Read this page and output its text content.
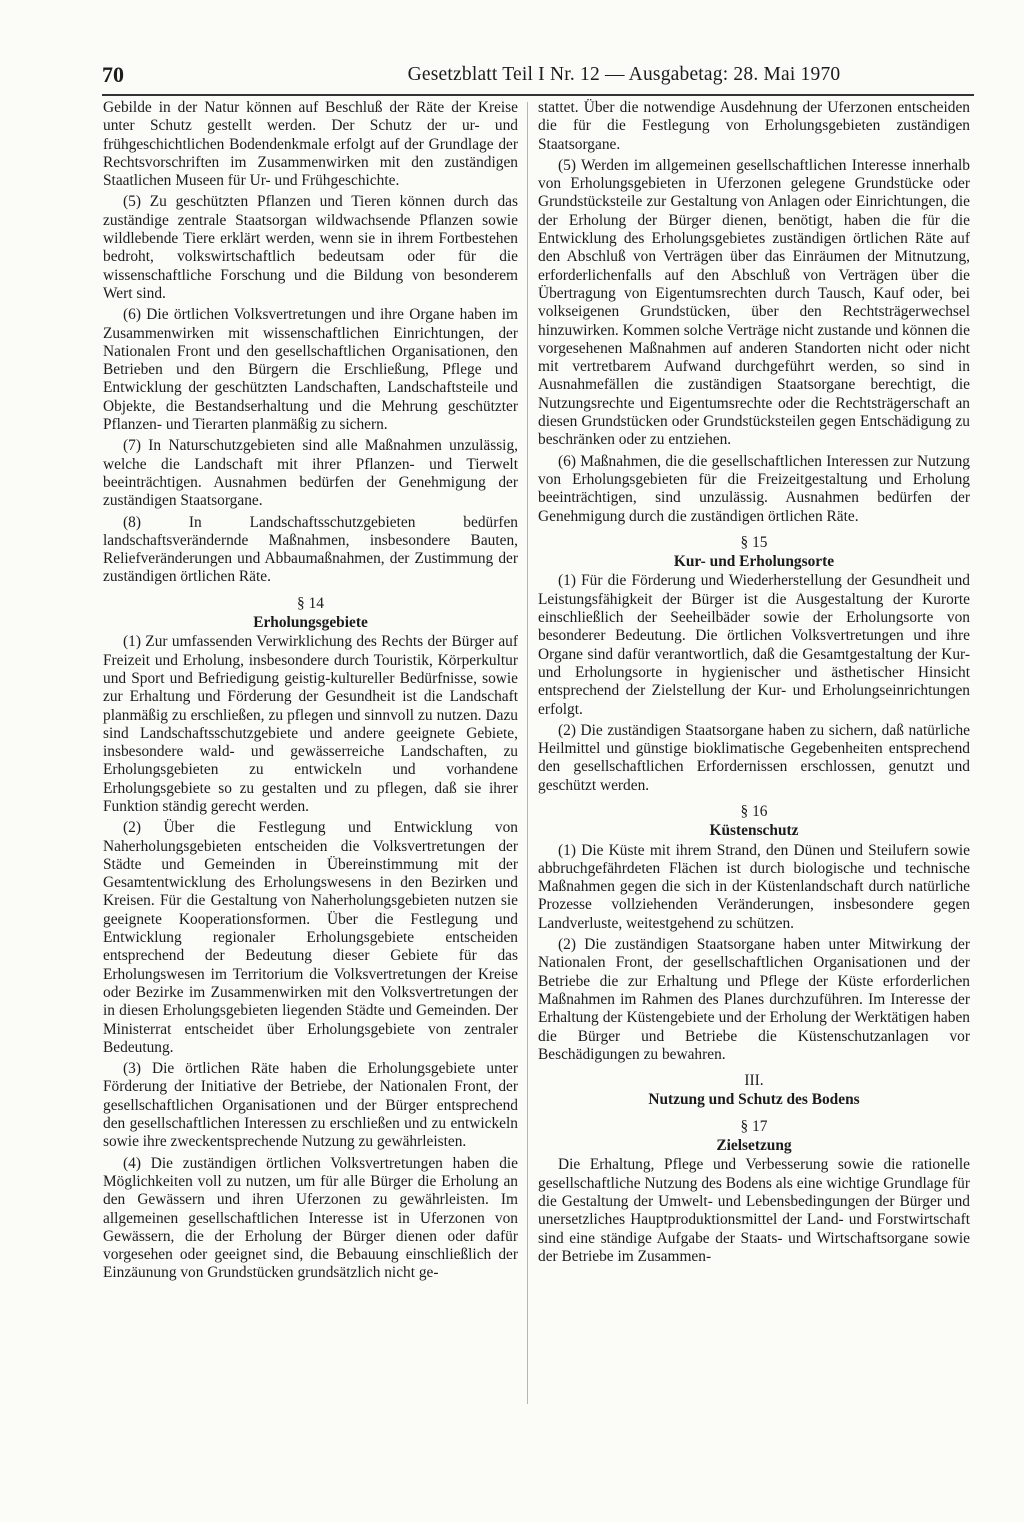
70	Gesetzblatt Teil I Nr. 12 — Ausgabetag: 28. Mai 1970

Gebilde in der Natur können auf Beschluß der Räte der Kreise unter Schutz gestellt werden. Der Schutz der ur- und frühgeschichtlichen Bodendenkmale erfolgt auf der Grundlage der Rechtsvorschriften im Zusammenwirken mit den zuständigen Staatlichen Museen für Ur- und Frühgeschichte.

(5) Zu geschützten Pflanzen und Tieren können durch das zuständige zentrale Staatsorgan wildwachsende Pflanzen sowie wildlebende Tiere erklärt werden, wenn sie in ihrem Fortbestehen bedroht, volkswirtschaftlich bedeutsam oder für die wissenschaftliche Forschung und die Bildung von besonderem Wert sind.

(6) Die örtlichen Volksvertretungen und ihre Organe haben im Zusammenwirken mit wissenschaftlichen Einrichtungen, der Nationalen Front und den gesellschaftlichen Organisationen, den Betrieben und den Bürgern die Erschließung, Pflege und Entwicklung der geschützten Landschaften, Landschaftsteile und Objekte, die Bestandserhaltung und die Mehrung geschützter Pflanzen- und Tierarten planmäßig zu sichern.

(7) In Naturschutzgebieten sind alle Maßnahmen unzulässig, welche die Landschaft mit ihrer Pflanzen- und Tierwelt beeinträchtigen. Ausnahmen bedürfen der Genehmigung der zuständigen Staatsorgane.

(8) In Landschaftsschutzgebieten bedürfen landschaftsverändernde Maßnahmen, insbesondere Bauten, Reliefveränderungen und Abbaumaßnahmen, der Zustimmung der zuständigen örtlichen Räte.

§ 14
Erholungsgebiete

(1) Zur umfassenden Verwirklichung des Rechts der Bürger auf Freizeit und Erholung, insbesondere durch Touristik, Körperkultur und Sport und Befriedigung geistig-kultureller Bedürfnisse, sowie zur Erhaltung und Förderung der Gesundheit ist die Landschaft planmäßig zu erschließen, zu pflegen und sinnvoll zu nutzen. Dazu sind Landschaftsschutzgebiete und andere geeignete Gebiete, insbesondere wald- und gewässerreiche Landschaften, zu Erholungsgebieten zu entwickeln und vorhandene Erholungsgebiete so zu gestalten und zu pflegen, daß sie ihrer Funktion ständig gerecht werden.

(2) Über die Festlegung und Entwicklung von Naherholungsgebieten entscheiden die Volksvertretungen der Städte und Gemeinden in Übereinstimmung mit der Gesamtentwicklung des Erholungswesens in den Bezirken und Kreisen. Für die Gestaltung von Naherholungsgebieten nutzen sie geeignete Kooperationsformen. Über die Festlegung und Entwicklung regionaler Erholungsgebiete entscheiden entsprechend der Bedeutung dieser Gebiete für das Erholungswesen im Territorium die Volksvertretungen der Kreise oder Bezirke im Zusammenwirken mit den Volksvertretungen der in diesen Erholungsgebieten liegenden Städte und Gemeinden. Der Ministerrat entscheidet über Erholungsgebiete von zentraler Bedeutung.

(3) Die örtlichen Räte haben die Erholungsgebiete unter Förderung der Initiative der Betriebe, der Nationalen Front, der gesellschaftlichen Organisationen und der Bürger entsprechend den gesellschaftlichen Interessen zu erschließen und zu entwickeln sowie ihre zweckentsprechende Nutzung zu gewährleisten.

(4) Die zuständigen örtlichen Volksvertretungen haben die Möglichkeiten voll zu nutzen, um für alle Bürger die Erholung an den Gewässern und ihren Uferzonen zu gewährleisten. Im allgemeinen gesellschaftlichen Interesse ist in Uferzonen von Gewässern, die der Erholung der Bürger dienen oder dafür vorgesehen oder geeignet sind, die Bebauung einschließlich der Einzäunung von Grundstücken grundsätzlich nicht ge-

stattet. Über die notwendige Ausdehnung der Uferzonen entscheiden die für die Festlegung von Erholungsgebieten zuständigen Staatsorgane.

(5) Werden im allgemeinen gesellschaftlichen Interesse innerhalb von Erholungsgebieten in Uferzonen gelegene Grundstücke oder Grundstücksteile zur Gestaltung von Anlagen oder Einrichtungen, die der Erholung der Bürger dienen, benötigt, haben die für die Entwicklung des Erholungsgebietes zuständigen örtlichen Räte auf den Abschluß von Verträgen über das Einräumen der Mitnutzung, erforderlichenfalls auf den Abschluß von Verträgen über die Übertragung von Eigentumsrechten durch Tausch, Kauf oder, bei volkseigenen Grundstücken, über den Rechtsträgerwechsel hinzuwirken. Kommen solche Verträge nicht zustande und können die vorgesehenen Maßnahmen auf anderen Standorten nicht oder nicht mit vertretbarem Aufwand durchgeführt werden, so sind in Ausnahmefällen die zuständigen Staatsorgane berechtigt, die Nutzungsrechte und Eigentumsrechte oder die Rechtsträgerschaft an diesen Grundstücken oder Grundstücksteilen gegen Entschädigung zu beschränken oder zu entziehen.

(6) Maßnahmen, die die gesellschaftlichen Interessen zur Nutzung von Erholungsgebieten für die Freizeitgestaltung und Erholung beeinträchtigen, sind unzulässig. Ausnahmen bedürfen der Genehmigung durch die zuständigen örtlichen Räte.

§ 15
Kur- und Erholungsorte

(1) Für die Förderung und Wiederherstellung der Gesundheit und Leistungsfähigkeit der Bürger ist die Ausgestaltung der Kurorte einschließlich der Seeheilbäder sowie der Erholungsorte von besonderer Bedeutung. Die örtlichen Volksvertretungen und ihre Organe sind dafür verantwortlich, daß die Gesamtgestaltung der Kur- und Erholungsorte in hygienischer und ästhetischer Hinsicht entsprechend der Zielstellung der Kur- und Erholungseinrichtungen erfolgt.

(2) Die zuständigen Staatsorgane haben zu sichern, daß natürliche Heilmittel und günstige bioklimatische Gegebenheiten entsprechend den gesellschaftlichen Erfordernissen erschlossen, genutzt und geschützt werden.

§ 16
Küstenschutz

(1) Die Küste mit ihrem Strand, den Dünen und Steilufern sowie abbruchgefährdeten Flächen ist durch biologische und technische Maßnahmen gegen die sich in der Küstenlandschaft durch natürliche Prozesse vollziehenden Veränderungen, insbesondere gegen Landverluste, weitestgehend zu schützen.

(2) Die zuständigen Staatsorgane haben unter Mitwirkung der Nationalen Front, der gesellschaftlichen Organisationen und der Betriebe die zur Erhaltung und Pflege der Küste erforderlichen Maßnahmen im Rahmen des Planes durchzuführen. Im Interesse der Erhaltung der Küstengebiete und der Erholung der Werktätigen haben die Bürger und Betriebe die Küstenschutzanlagen vor Beschädigungen zu bewahren.

III.
Nutzung und Schutz des Bodens
§ 17
Zielsetzung

Die Erhaltung, Pflege und Verbesserung sowie die rationelle gesellschaftliche Nutzung des Bodens als eine wichtige Grundlage für die Gestaltung der Umwelt- und Lebensbedingungen der Bürger und unersetzliches Hauptproduktionsmittel der Land- und Forstwirtschaft sind eine ständige Aufgabe der Staats- und Wirtschaftsorgane sowie der Betriebe im Zusammen-
